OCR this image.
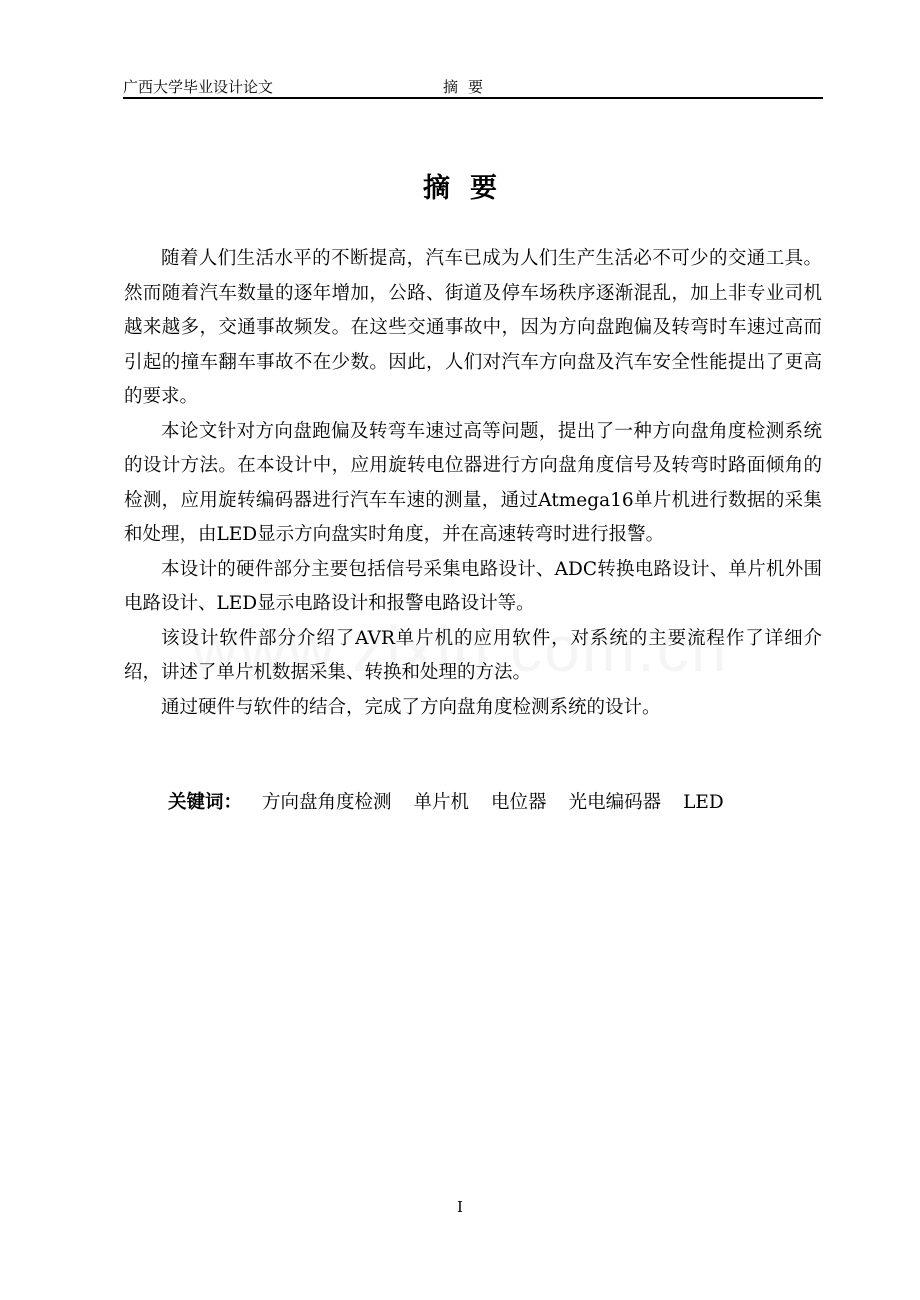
广西大学毕业设计论文	摘要
摘要

随着人们生活水平的不断提高，汽车已成为人们生产生活必不可少的交通工具。然而随着汽车数量的逐年增加，公路、街道及停车场秩序逐渐混乱，加上非专业司机越来越多，交通事故频发。在这些交通事故中，因为方向盘跑偏及转弯时车速过高而引起的撞车翻车事故不在少数。因此，人们对汽车方向盘及汽车安全性能提出了更高的要求。

本论文针对方向盘跑偏及转弯车速过高等问题，提出了一种方向盘角度检测系统的设计方法。在本设计中，应用旋转电位器进行方向盘角度信号及转弯时路面倾角的检测，应用旋转编码器进行汽车车速的测量，通过Atmega16单片机进行数据的采集和处理，由LED显示方向盘实时角度，并在高速转弯时进行报警。

本设计的硬件部分主要包括信号采集电路设计、ADC转换电路设计、单片机外围电路设计、LED显示电路设计和报警电路设计等。

该设计软件部分介绍了AVR单片机的应用软件，对系统的主要流程作了详细介绍，讲述了单片机数据采集、转换和处理的方法。

通过硬件与软件的结合，完成了方向盘角度检测系统的设计。

关键词： 方向盘角度检测 单片机 电位器 光电编码器 LED
I
